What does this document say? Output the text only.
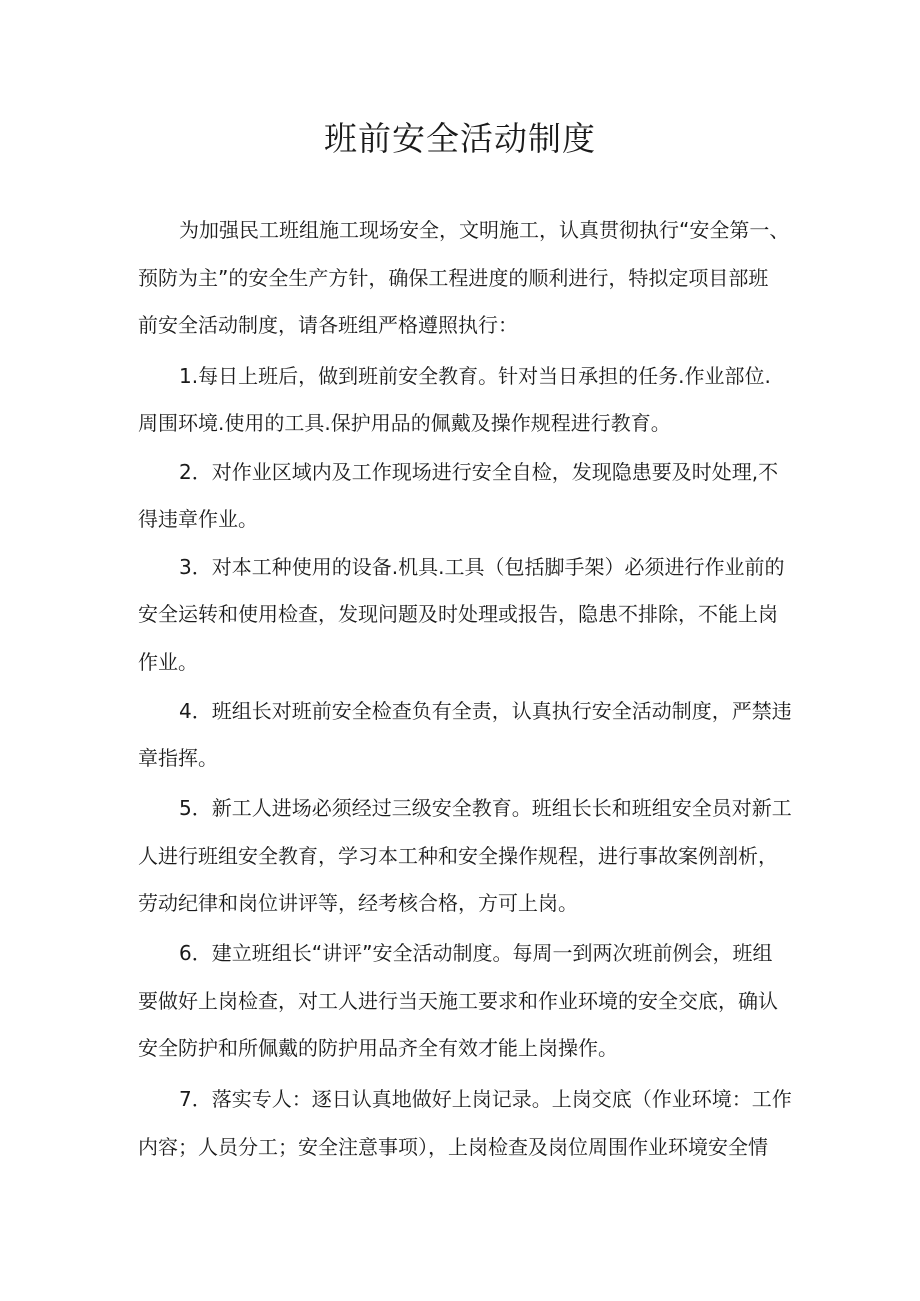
班前安全活动制度

为加强民工班组施工现场安全，文明施工，认真贯彻执行“安全第一、

预防为主”的安全生产方针，确保工程进度的顺利进行，特拟定项目部班

前安全活动制度，请各班组严格遵照执行：

1.每日上班后，做到班前安全教育。针对当日承担的任务.作业部位.

周围环境.使用的工具.保护用品的佩戴及操作规程进行教育。

2．对作业区域内及工作现场进行安全自检，发现隐患要及时处理,不

得违章作业。

3．对本工种使用的设备.机具.工具（包括脚手架）必须进行作业前的

安全运转和使用检查，发现问题及时处理或报告，隐患不排除，不能上岗

作业。

4．班组长对班前安全检查负有全责，认真执行安全活动制度，严禁违

章指挥。

5．新工人进场必须经过三级安全教育。班组长长和班组安全员对新工

人进行班组安全教育，学习本工种和安全操作规程，进行事故案例剖析，

劳动纪律和岗位讲评等，经考核合格，方可上岗。

6．建立班组长“讲评”安全活动制度。每周一到两次班前例会，班组

要做好上岗检查，对工人进行当天施工要求和作业环境的安全交底，确认

安全防护和所佩戴的防护用品齐全有效才能上岗操作。

7．落实专人：逐日认真地做好上岗记录。上岗交底（作业环境：工作

内容；人员分工；安全注意事项），上岗检查及岗位周围作业环境安全情
